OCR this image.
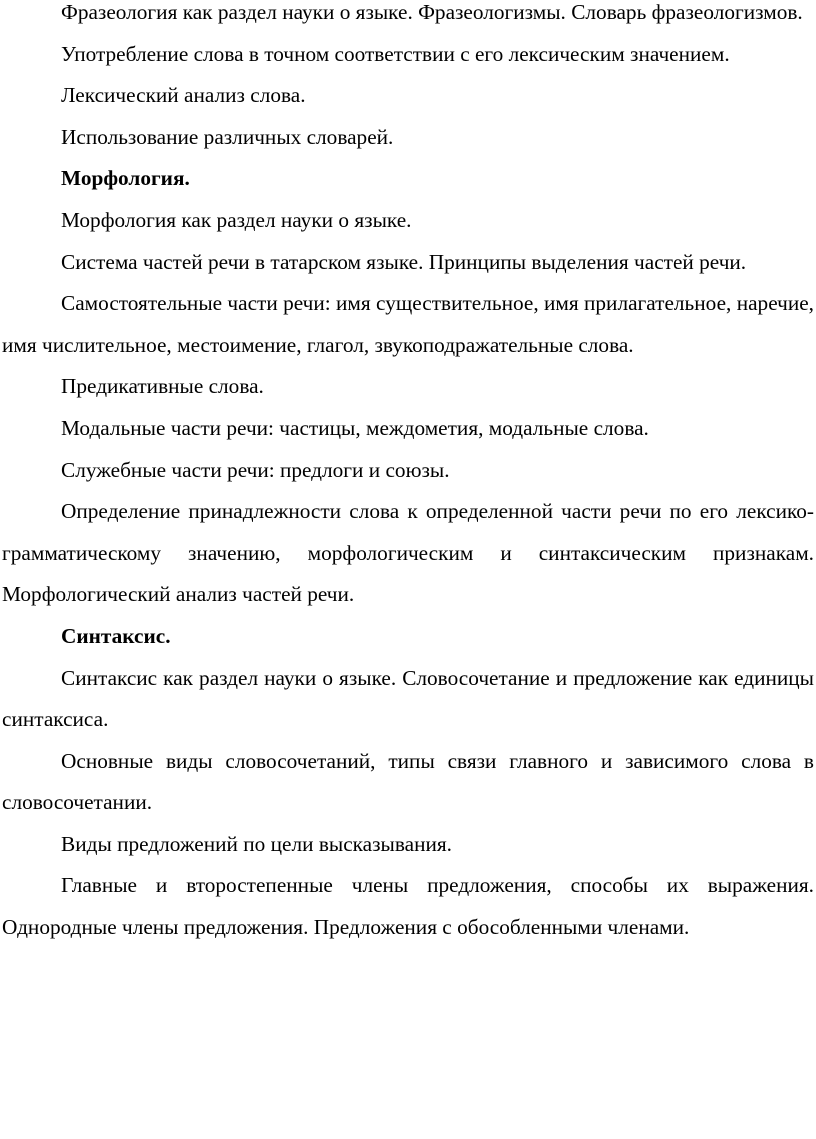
Фразеология как раздел науки о языке. Фразеологизмы. Словарь фразеологизмов.

Употребление слова в точном соответствии с его лексическим значением.

Лексический анализ слова.

Использование различных словарей.

Морфология.

Морфология как раздел науки о языке.

Система частей речи в татарском языке. Принципы выделения частей речи.

Самостоятельные части речи: имя существительное, имя прилагательное, наречие, имя числительное, местоимение, глагол, звукоподражательные слова.

Предикативные слова.

Модальные части речи: частицы, междометия, модальные слова.

Служебные части речи: предлоги и союзы.

Определение принадлежности слова к определенной части речи по его лексико-грамматическому значению, морфологическим и синтаксическим признакам. Морфологический анализ частей речи.

Синтаксис.

Синтаксис как раздел науки о языке. Словосочетание и предложение как единицы синтаксиса.

Основные виды словосочетаний, типы связи главного и зависимого слова в словосочетании.

Виды предложений по цели высказывания.

Главные и второстепенные члены предложения, способы их выражения. Однородные члены предложения. Предложения с обособленными членами.
